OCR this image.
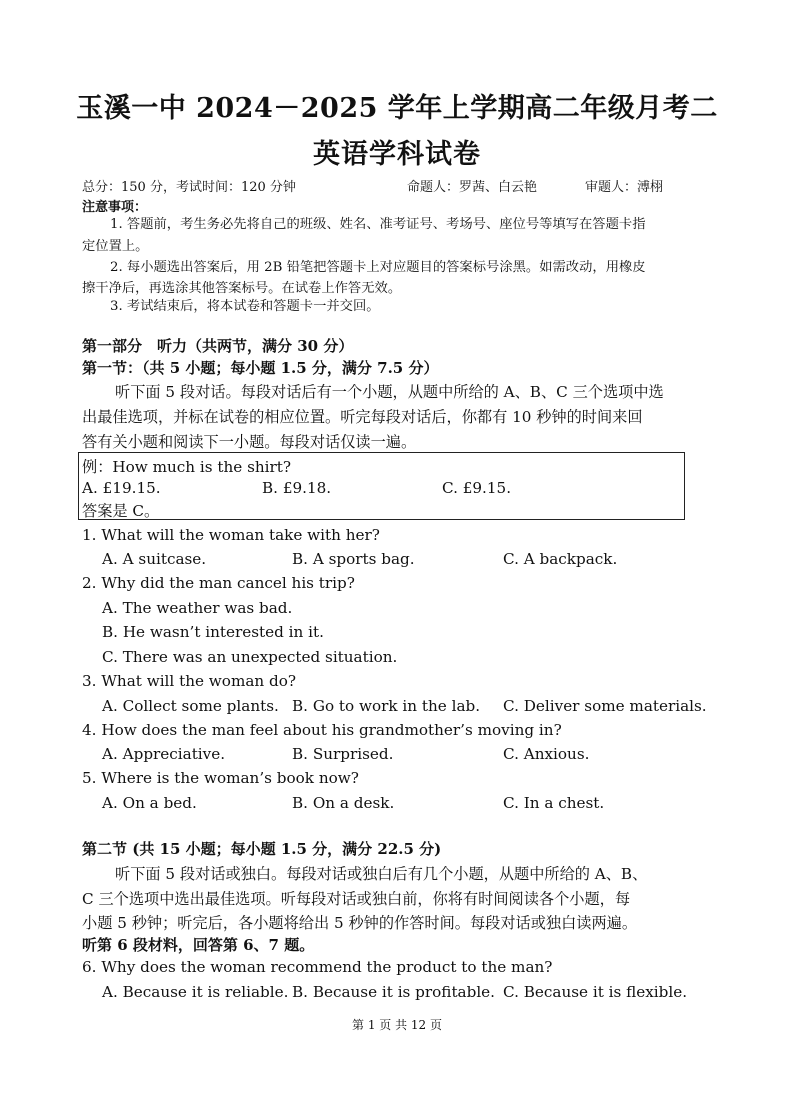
玉溪一中 2024－2025 学年上学期高二年级月考二
英语学科试卷
总分：150 分，考试时间：120 分钟	命题人：罗茜、白云艳	审题人：溥栩
注意事项：
1. 答题前，考生务必先将自己的班级、姓名、准考证号、考场号、座位号等填写在答题卡指
定位置上。
2. 每小题选出答案后，用 2B 铅笔把答题卡上对应题目的答案标号涂黑。如需改动，用橡皮
擦干净后，再选涂其他答案标号。在试卷上作答无效。
3. 考试结束后，将本试卷和答题卡一并交回。
第一部分　听力（共两节，满分 30 分）
第一节：（共 5 小题；每小题 1.5 分，满分 7.5 分）
听下面 5 段对话。每段对话后有一个小题，从题中所给的 A、B、C 三个选项中选
出最佳选项，并标在试卷的相应位置。听完每段对话后，你都有 10 秒钟的时间来回
答有关小题和阅读下一小题。每段对话仅读一遍。
例：How much is the shirt?
A. £19.15.	B. £9.18.	C. £9.15.
答案是 C。
1. What will the woman take with her?
A. A suitcase.	B. A sports bag.	C. A backpack.
2. Why did the man cancel his trip?
A. The weather was bad.
B. He wasn’t interested in it.
C. There was an unexpected situation.
3. What will the woman do?
A. Collect some plants. B. Go to work in the lab. C. Deliver some materials.
4. How does the man feel about his grandmother’s moving in?
A. Appreciative.	B. Surprised.	C. Anxious.
5. Where is the woman’s book now?
A. On a bed.	B. On a desk.	C. In a chest.
第二节 (共 15 小题；每小题 1.5 分，满分 22.5 分)
听下面 5 段对话或独白。每段对话或独白后有几个小题，从题中所给的 A、B、
C 三个选项中选出最佳选项。听每段对话或独白前，你将有时间阅读各个小题，每
小题 5 秒钟；听完后，各小题将给出 5 秒钟的作答时间。每段对话或独白读两遍。
听第 6 段材料，回答第 6、7 题。
6. Why does the woman recommend the product to the man?
A. Because it is reliable. B. Because it is profitable. C. Because it is flexible.
第 1 页 共 12 页
